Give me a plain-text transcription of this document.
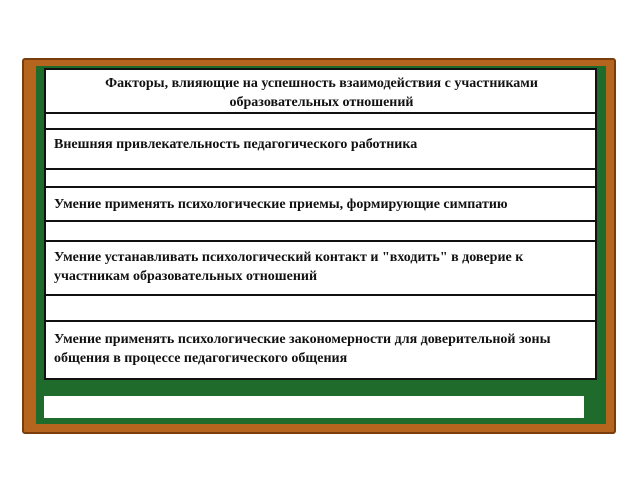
Факторы, влияющие на успешность взаимодействия с участниками образовательных отношений
Внешняя привлекательность педагогического работника
Умение применять психологические приемы, формирующие симпатию
Умение устанавливать психологический контакт и "входить" в доверие к участникам образовательных отношений
Умение применять психологические закономерности для доверительной зоны общения в процессе педагогического общения
